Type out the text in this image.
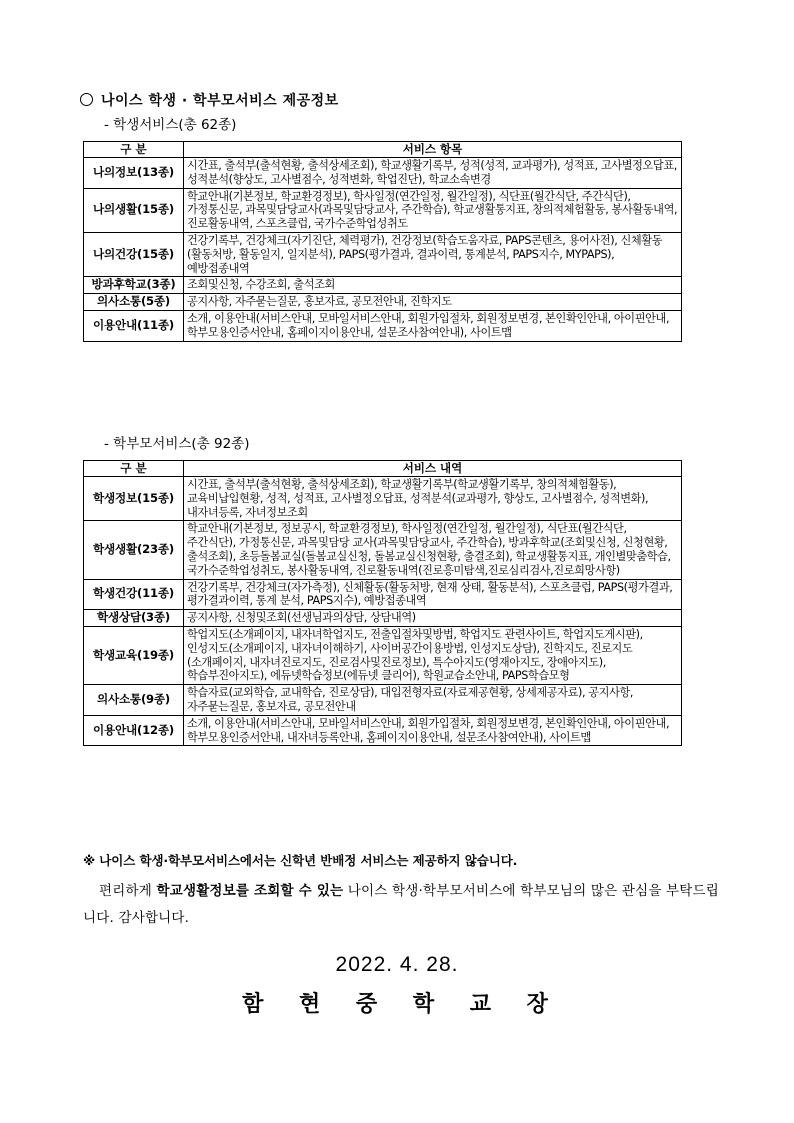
나이스 학생 · 학부모서비스 제공정보
- 학생서비스(총 62종)
구 분	서비스 항목
나의정보(13종)	시간표, 출석부(출석현황, 출석상세조회), 학교생활기록부, 성적(성적, 교과평가), 성적표, 고사별정오답표, 성적분석(향상도, 고사별점수, 성적변화, 학업진단), 학교소속변경
나의생활(15종)	학교안내(기본정보, 학교환경정보), 학사일정(연간일정, 월간일정), 식단표(월간식단, 주간식단), 가정통신문, 과목및담당교사(과목및담당교사, 주간학습), 학교생활통지표, 창의적체험활동, 봉사활동내역, 진로활동내역, 스포츠클럽, 국가수준학업성취도
나의건강(15종)	건강기록부, 건강체크(자기진단, 체력평가), 건강정보(학습도움자료, PAPS콘텐츠, 용어사전), 신체활동(활동처방, 활동일지, 일지분석), PAPS(평가결과, 결과이력, 통계분석, PAPS지수, MYPAPS), 예방접종내역
방과후학교(3종)	조회및신청, 수강조회, 출석조회
의사소통(5종)	공지사항, 자주묻는질문, 홍보자료, 공모전안내, 진학지도
이용안내(11종)	소개, 이용안내(서비스안내, 모바일서비스안내, 회원가입절차, 회원정보변경, 본인확인안내, 아이핀안내, 학부모용인증서안내, 홈페이지이용안내, 설문조사참여안내), 사이트맵
- 학부모서비스(총 92종)
구 분	서비스 내역
학생정보(15종)	시간표, 출석부(출석현황, 출석상세조회), 학교생활기록부(학교생활기록부, 창의적체험활동), 교육비납입현황, 성적, 성적표, 고사별정오답표, 성적분석(교과평가, 향상도, 고사별점수, 성적변화), 내자녀등록, 자녀정보조회
학생생활(23종)	학교안내(기본정보, 정보공시, 학교환경정보), 학사일정(연간일정, 월간일정), 식단표(월간식단, 주간식단), 가정통신문, 과목및담당 교사(과목및담당교사, 주간학습), 방과후학교(조회및신청, 신청현황, 출석조회), 초등돌봄교실(돌봄교실신청, 돌봄교실신청현황, 출결조회), 학교생활통지표, 개인별맞춤학습, 국가수준학업성취도, 봉사활동내역, 진로활동내역(진로흥미탐색,진로심리검사,진로희망사항)
학생건강(11종)	건강기록부, 건강체크(자가측정), 신체활동(활동처방, 현재 상태, 활동분석), 스포츠클럽, PAPS(평가결과, 평가결과이력, 통계 분석, PAPS지수), 예방접종내역
학생상담(3종)	공지사항, 신청및조회(선생님과의상담, 상담내역)
학생교육(19종)	학업지도(소개페이지, 내자녀학업지도, 전출입절차및방법, 학업지도 관련사이트, 학업지도게시판), 인성지도(소개페이지, 내자녀이해하기, 사이버공간이용방법, 인성지도상담), 진학지도, 진로지도(소개페이지, 내자녀진로지도, 진로검사및진로정보), 특수아지도(영재아지도, 장애아지도), 학습부진아지도), 에듀넷학습정보(에듀넷 클리어), 학원교습소안내, PAPS학습모형
의사소통(9종)	학습자료(교외학습, 교내학습, 진로상담), 대입전형자료(자료제공현황, 상세제공자료), 공지사항, 자주묻는질문, 홍보자료, 공모전안내
이용안내(12종)	소개, 이용안내(서비스안내, 모바일서비스안내, 회원가입절차, 회원정보변경, 본인확인안내, 아이핀안내, 학부모용인증서안내, 내자녀등록안내, 홈페이지이용안내, 설문조사참여안내), 사이트맵
※ 나이스 학생·학부모서비스에서는 신학년 반배정 서비스는 제공하지 않습니다.
편리하게 학교생활정보를 조회할 수 있는 나이스 학생·학부모서비스에 학부모님의 많은 관심을 부탁드립니다. 감사합니다.
2022. 4. 28.
함 현 중 학 교 장
